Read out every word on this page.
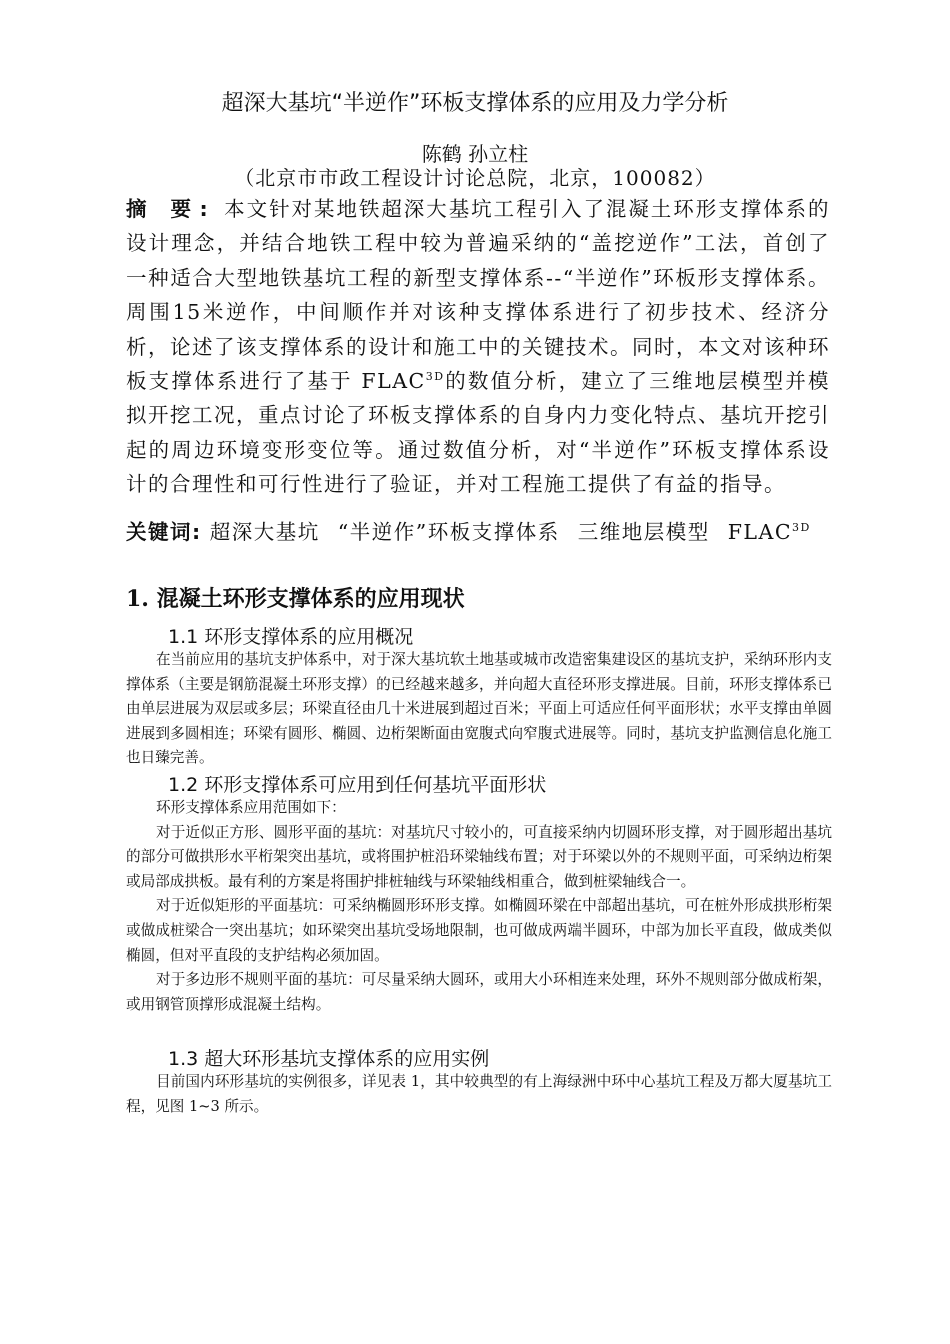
超深大基坑“半逆作”环板支撑体系的应用及力学分析
陈鹤 孙立柱
（北京市市政工程设计讨论总院，北京，100082）
摘 要: 本文针对某地铁超深大基坑工程引入了混凝土环形支撑体系的设计理念，并结合地铁工程中较为普遍采纳的“盖挖逆作”工法，首创了一种适合大型地铁基坑工程的新型支撑体系--“半逆作”环板形支撑体系。周围15米逆作，中间顺作并对该种支撑体系进行了初步技术、经济分析，论述了该支撑体系的设计和施工中的关键技术。同时，本文对该种环板支撑体系进行了基于 $FLAC^{3D}$的数值分析，建立了三维地层模型并模拟开挖工况，重点讨论了环板支撑体系的自身内力变化特点、基坑开挖引起的周边环境变形变位等。通过数值分析，对“半逆作”环板支撑体系设计的合理性和可行性进行了验证，并对工程施工提供了有益的指导。
关键词: 超深大基坑 “半逆作”环板支撑体系 三维地层模型 $FLAC^{3D}$
1. 混凝土环形支撑体系的应用现状
1.1 环形支撑体系的应用概况

在当前应用的基坑支护体系中，对于深大基坑软土地基或城市改造密集建设区的基坑支护，采纳环形内支撑体系（主要是钢筋混凝土环形支撑）的已经越来越多，并向超大直径环形支撑进展。目前，环形支撑体系已由单层进展为双层或多层；环梁直径由几十米进展到超过百米；平面上可适应任何平面形状；水平支撑由单圆进展到多圆相连；环梁有圆形、椭圆、边桁架断面由宽腹式向窄腹式进展等。同时，基坑支护监测信息化施工也日臻完善。

1.2 环形支撑体系可应用到任何基坑平面形状

环形支撑体系应用范围如下：

对于近似正方形、圆形平面的基坑：对基坑尺寸较小的，可直接采纳内切圆环形支撑，对于圆形超出基坑的部分可做拱形水平桁架突出基坑，或将围护桩沿环梁轴线布置；对于环梁以外的不规则平面，可采纳边桁架或局部成拱板。最有利的方案是将围护排桩轴线与环梁轴线相重合，做到桩梁轴线合一。

对于近似矩形的平面基坑：可采纳椭圆形环形支撑。如椭圆环梁在中部超出基坑，可在桩外形成拱形桁架或做成桩梁合一突出基坑；如环梁突出基坑受场地限制，也可做成两端半圆环，中部为加长平直段，做成类似椭圆，但对平直段的支护结构必须加固。

对于多边形不规则平面的基坑：可尽量采纳大圆环，或用大小环相连来处理，环外不规则部分做成桁架，或用钢管顶撑形成混凝土结构。

1.3 超大环形基坑支撑体系的应用实例

目前国内环形基坑的实例很多，详见表 1，其中较典型的有上海绿洲中环中心基坑工程及万都大厦基坑工程，见图 1~3 所示。
